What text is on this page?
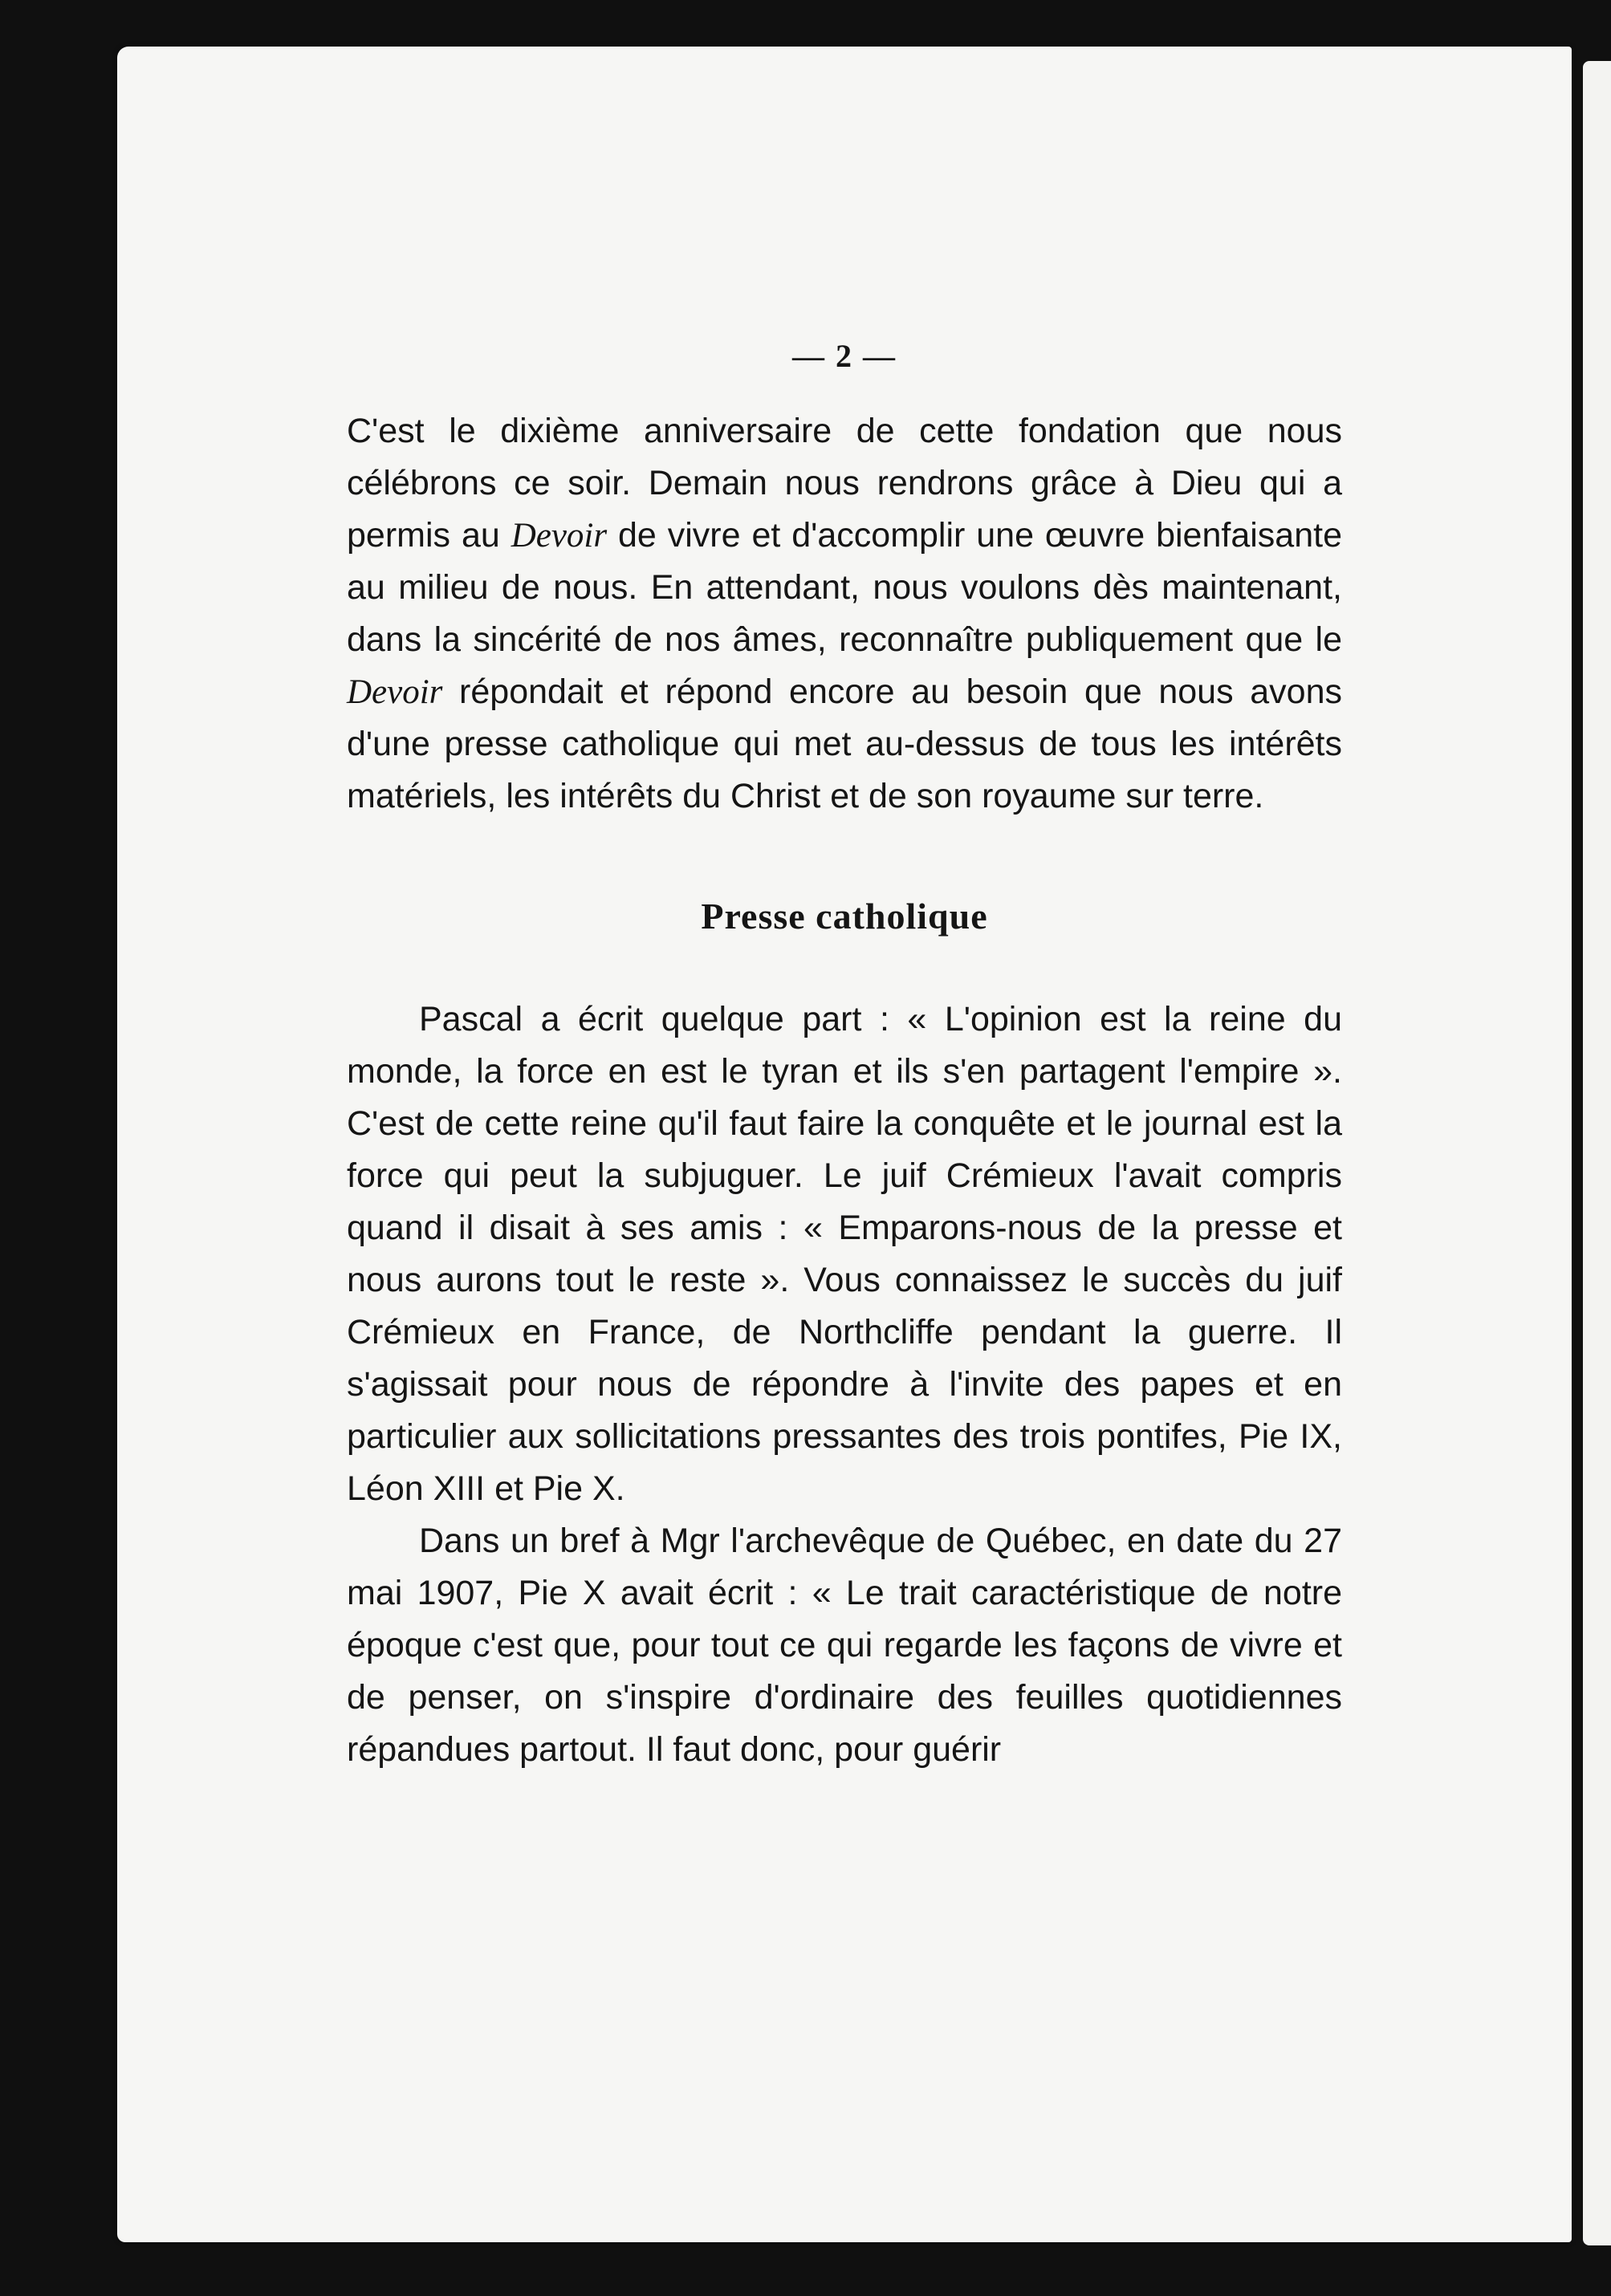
— 2 —

C'est le dixième anniversaire de cette fondation que nous célébrons ce soir. Demain nous rendrons grâce à Dieu qui a permis au Devoir de vivre et d'accomplir une œuvre bienfaisante au milieu de nous. En attendant, nous voulons dès maintenant, dans la sincérité de nos âmes, reconnaître publiquement que le Devoir répondait et répond encore au besoin que nous avons d'une presse catholique qui met au-dessus de tous les intérêts matériels, les intérêts du Christ et de son royaume sur terre.

Presse catholique

Pascal a écrit quelque part : « L'opinion est la reine du monde, la force en est le tyran et ils s'en partagent l'empire ». C'est de cette reine qu'il faut faire la conquête et le journal est la force qui peut la subjuguer. Le juif Crémieux l'avait compris quand il disait à ses amis : « Emparons-nous de la presse et nous aurons tout le reste ». Vous connaissez le succès du juif Crémieux en France, de Northcliffe pendant la guerre. Il s'agissait pour nous de répondre à l'invite des papes et en particulier aux sollicitations pressantes des trois pontifes, Pie IX, Léon XIII et Pie X.

Dans un bref à Mgr l'archevêque de Québec, en date du 27 mai 1907, Pie X avait écrit : « Le trait caractéristique de notre époque c'est que, pour tout ce qui regarde les façons de vivre et de penser, on s'inspire d'ordinaire des feuilles quotidiennes répandues partout. Il faut donc, pour guérir
